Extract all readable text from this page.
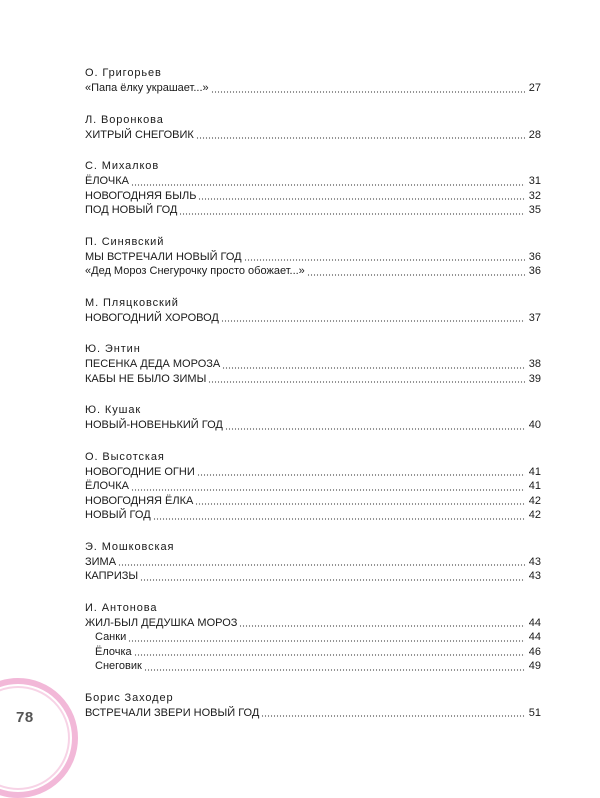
О. Григорьев
«Папа ёлку украшает...»	27
Л. Воронкова
ХИТРЫЙ СНЕГОВИК	28
С. Михалков
ЁЛОЧКА	31
НОВОГОДНЯЯ БЫЛЬ	32
ПОД НОВЫЙ ГОД	35
П. Синявский
МЫ ВСТРЕЧАЛИ НОВЫЙ ГОД	36
«Дед Мороз Снегурочку просто обожает...»	36
М. Пляцковский
НОВОГОДНИЙ ХОРОВОД	37
Ю. Энтин
ПЕСЕНКА ДЕДА МОРОЗА	38
КАБЫ НЕ БЫЛО ЗИМЫ	39
Ю. Кушак
НОВЫЙ-НОВЕНЬКИЙ ГОД	40
О. Высотская
НОВОГОДНИЕ ОГНИ	41
ЁЛОЧКА	41
НОВОГОДНЯЯ ЁЛКА	42
НОВЫЙ ГОД	42
Э. Мошковская
ЗИМА	43
КАПРИЗЫ	43
И. Антонова
ЖИЛ-БЫЛ ДЕДУШКА МОРОЗ	44
Санки	44
Ёлочка	46
Снеговик	49
Борис Заходер
ВСТРЕЧАЛИ ЗВЕРИ НОВЫЙ ГОД	51
78
